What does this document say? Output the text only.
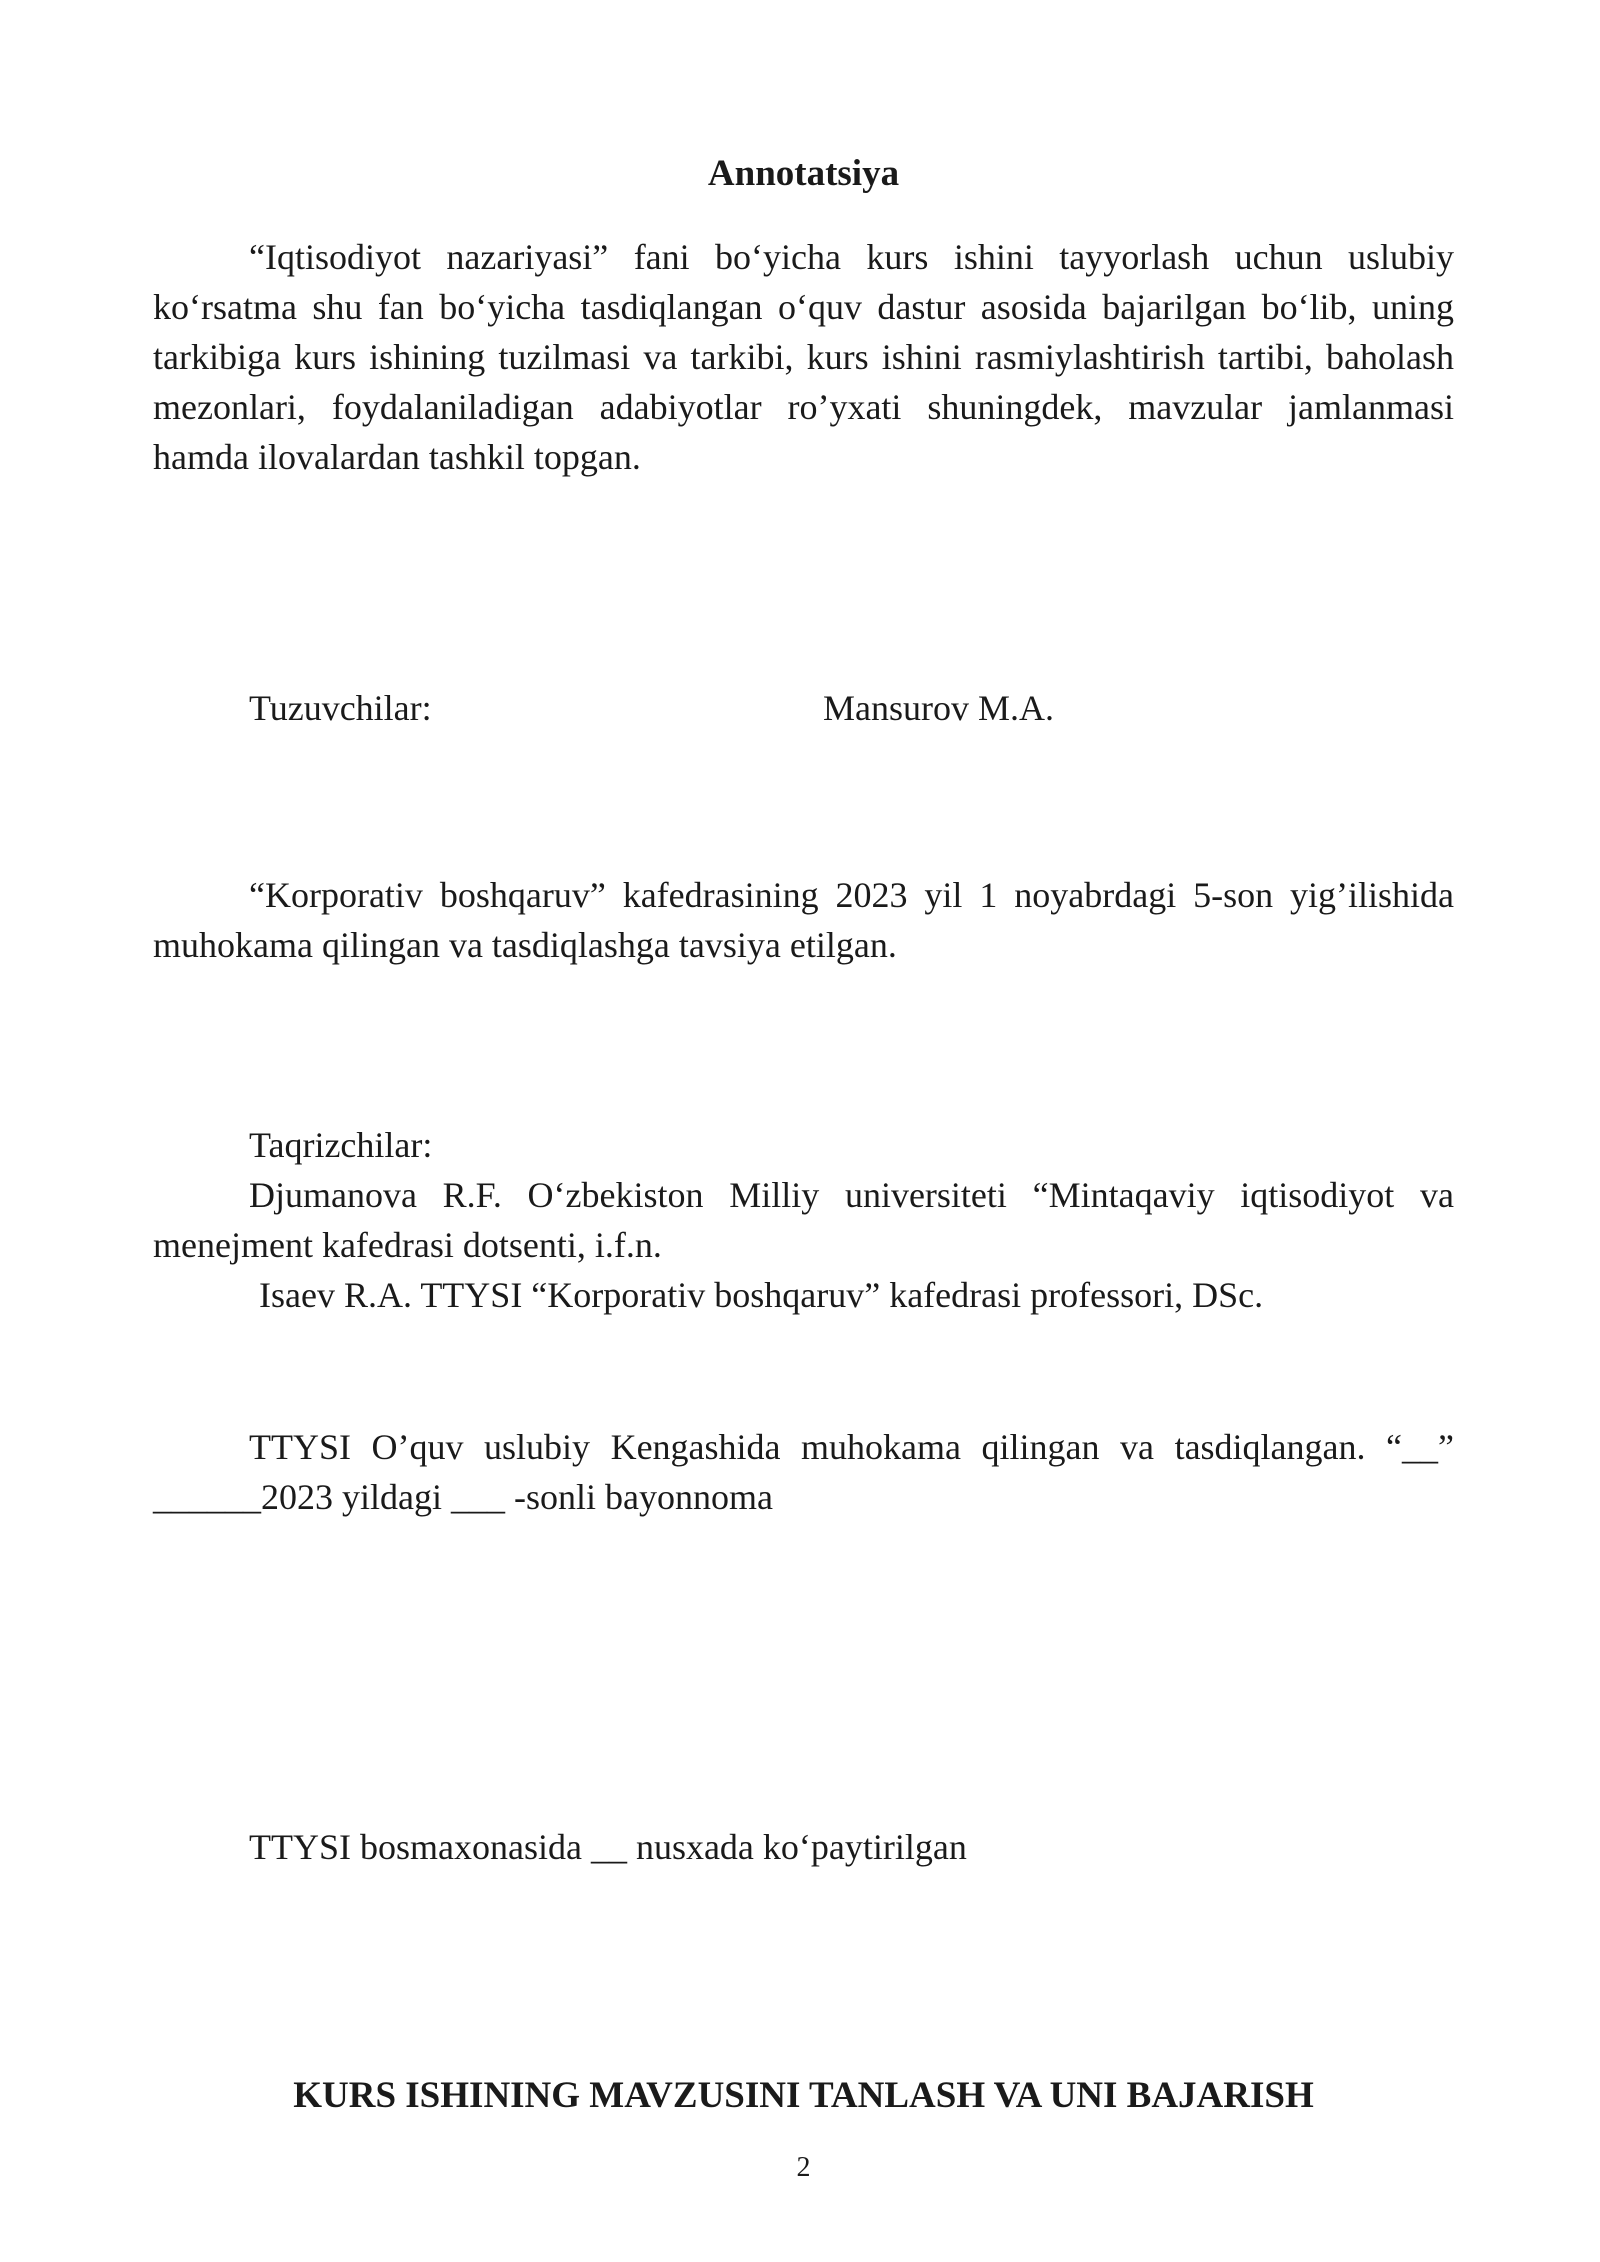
Annotatsiya

“Iqtisodiyot nazariyasi” fani bo‘yicha kurs ishini tayyorlash uchun uslubiy ko‘rsatma shu fan bo‘yicha tasdiqlangan o‘quv dastur asosida bajarilgan bo‘lib, uning tarkibiga kurs ishining tuzilmasi va tarkibi, kurs ishini rasmiylashtirish tartibi, baholash mezonlari, foydalaniladigan adabiyotlar ro’yxati shuningdek, mavzular jamlanmasi hamda ilovalardan tashkil topgan.

Tuzuvchilar:	Mansurov M.A.

“Korporativ boshqaruv” kafedrasining 2023 yil 1 noyabrdagi 5-son yig’ilishida muhokama qilingan va tasdiqlashga tavsiya etilgan.

Taqrizchilar:

Djumanova R.F. O‘zbekiston Milliy universiteti “Mintaqaviy iqtisodiyot va menejment kafedrasi dotsenti, i.f.n.

Isaev R.A. TTYSI “Korporativ boshqaruv” kafedrasi professori, DSc.

TTYSI O’quv uslubiy Kengashida muhokama qilingan va tasdiqlangan. “__” ______2023 yildagi ___ -sonli bayonnoma

TTYSI bosmaxonasida __ nusxada ko‘paytirilgan

KURS ISHINING MAVZUSINI TANLASH VA UNI BAJARISH
2
